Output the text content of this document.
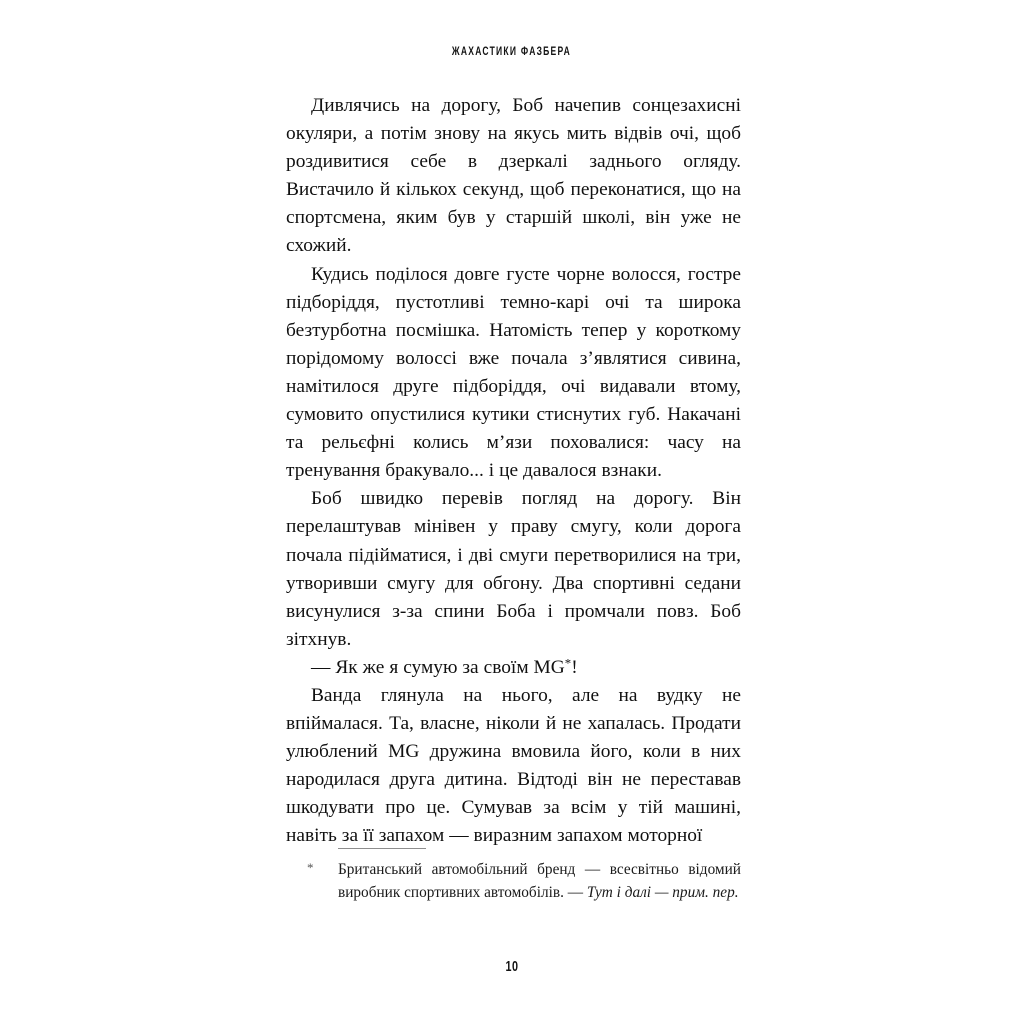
ЖАХАСТИКИ ФАЗБЕРА

Дивлячись на дорогу, Боб начепив сонцезахисні окуляри, а потім знову на якусь мить відвів очі, щоб роздивитися себе в дзеркалі заднього огляду. Вистачило й кількох секунд, щоб переконатися, що на спортсмена, яким був у старшій школі, він уже не схожий.

Кудись поділося довге густе чорне волосся, гостре підборіддя, пустотливі темно-карі очі та широка безтурботна посмішка. Натомість тепер у короткому порідомому волоссі вже почала з’являтися сивина, намітилося друге підборіддя, очі видавали втому, сумовито опустилися кутики стиснутих губ. Накачані та рельєфні колись м’язи поховалися: часу на тренування бракувало... і це давалося взнаки.

Боб швидко перевів погляд на дорогу. Він перелаштував мінівен у праву смугу, коли дорога почала підійматися, і дві смуги перетворилися на три, утворивши смугу для обгону. Два спортивні седани висунулися з-за спини Боба і промчали повз. Боб зітхнув.

— Як же я сумую за своїм MG*!

Ванда глянула на нього, але на вудку не впіймалася. Та, власне, ніколи й не хапалась. Продати улюблений MG дружина вмовила його, коли в них народилася друга дитина. Відтоді він не переставав шкодувати про це. Сумував за всім у тій машині, навіть за її запахом — виразним запахом моторної

* Британський автомобільний бренд — всесвітньо відомий виробник спортивних автомобілів. — Тут і далі — прим. пер.

10
